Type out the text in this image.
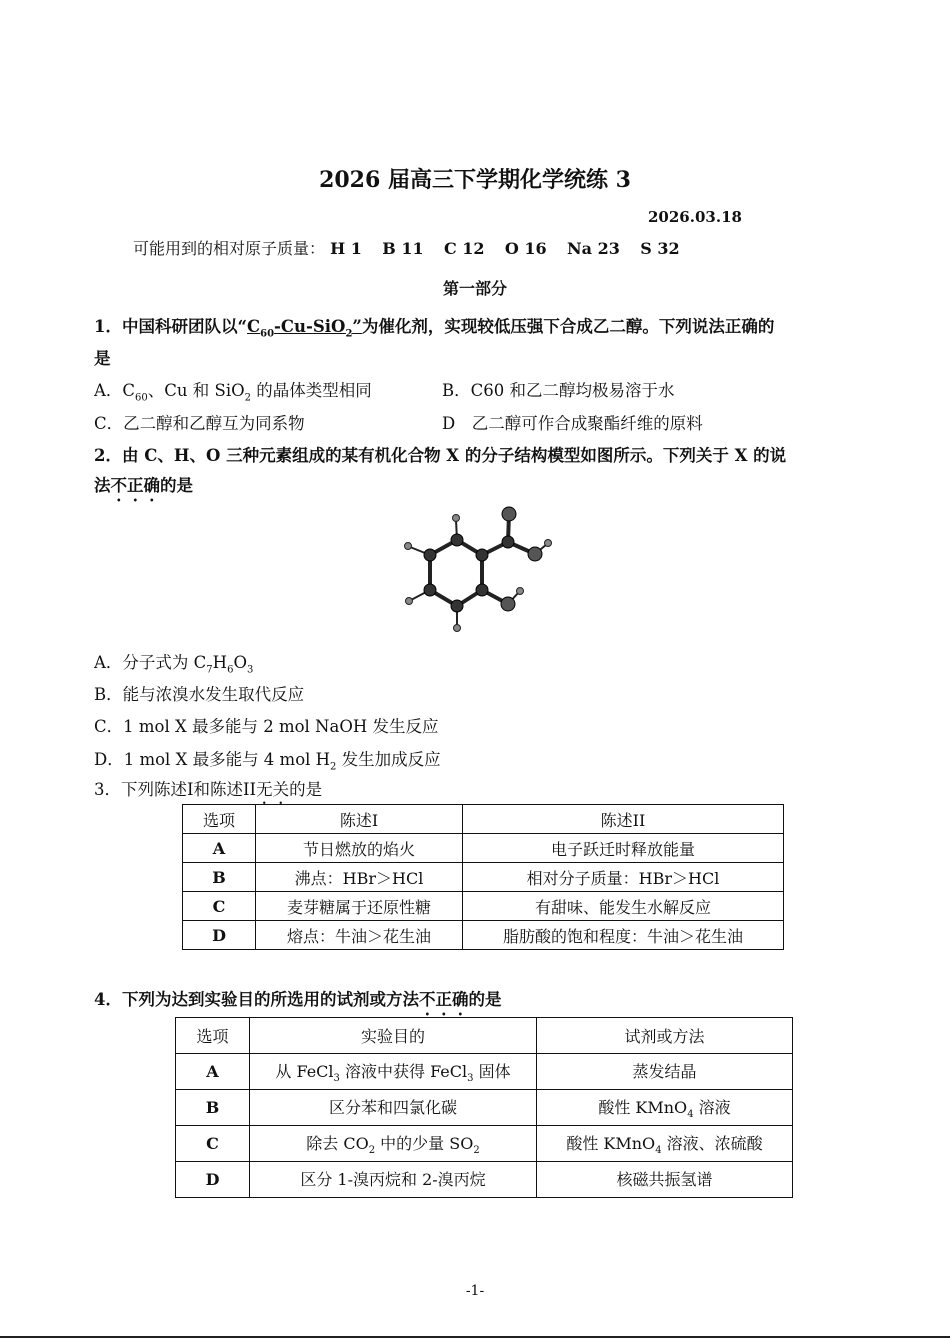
2026 届高三下学期化学统练 3
2026.03.18
可能用到的相对原子质量： H 1 B 11 C 12 O 16 Na 23 S 32
第一部分
1．中国科研团队以“$C_{60}-Cu-SiO_2$”为催化剂，实现较低压强下合成乙二醇。下列说法正确的
是
A．$C_{60}$、Cu 和 SiO$_2$ 的晶体类型相同	B．C60 和乙二醇均极易溶于水
C．乙二醇和乙醇互为同系物	D　乙二醇可作合成聚酯纤维的原料
2．由 C、H、O 三种元素组成的某有机化合物 X 的分子结构模型如图所示。下列关于 X 的说
法不正确的是
A．分子式为 $C_7H_6O_3$
B．能与浓溴水发生取代反应
C．1 mol X 最多能与 2 mol NaOH 发生反应
D．1 mol X 最多能与 4 mol $H_2$ 发生加成反应
3．下列陈述I和陈述II无关的是
选项	陈述I	陈述II
A	节日燃放的焰火	电子跃迁时释放能量
B	沸点：HBr＞HCl	相对分子质量：HBr＞HCl
C	麦芽糖属于还原性糖	有甜味、能发生水解反应
D	熔点：牛油＞花生油	脂肪酸的饱和程度：牛油＞花生油
4．下列为达到实验目的所选用的试剂或方法不正确的是
选项	实验目的	试剂或方法
A	从 FeCl$_3$ 溶液中获得 FeCl$_3$ 固体	蒸发结晶
B	区分苯和四氯化碳	酸性 KMnO$_4$ 溶液
C	除去 $CO_2$ 中的少量 $SO_2$	酸性 KMnO$_4$ 溶液、浓硫酸
D	区分 1-溴丙烷和 2-溴丙烷	核磁共振氢谱
-1-
